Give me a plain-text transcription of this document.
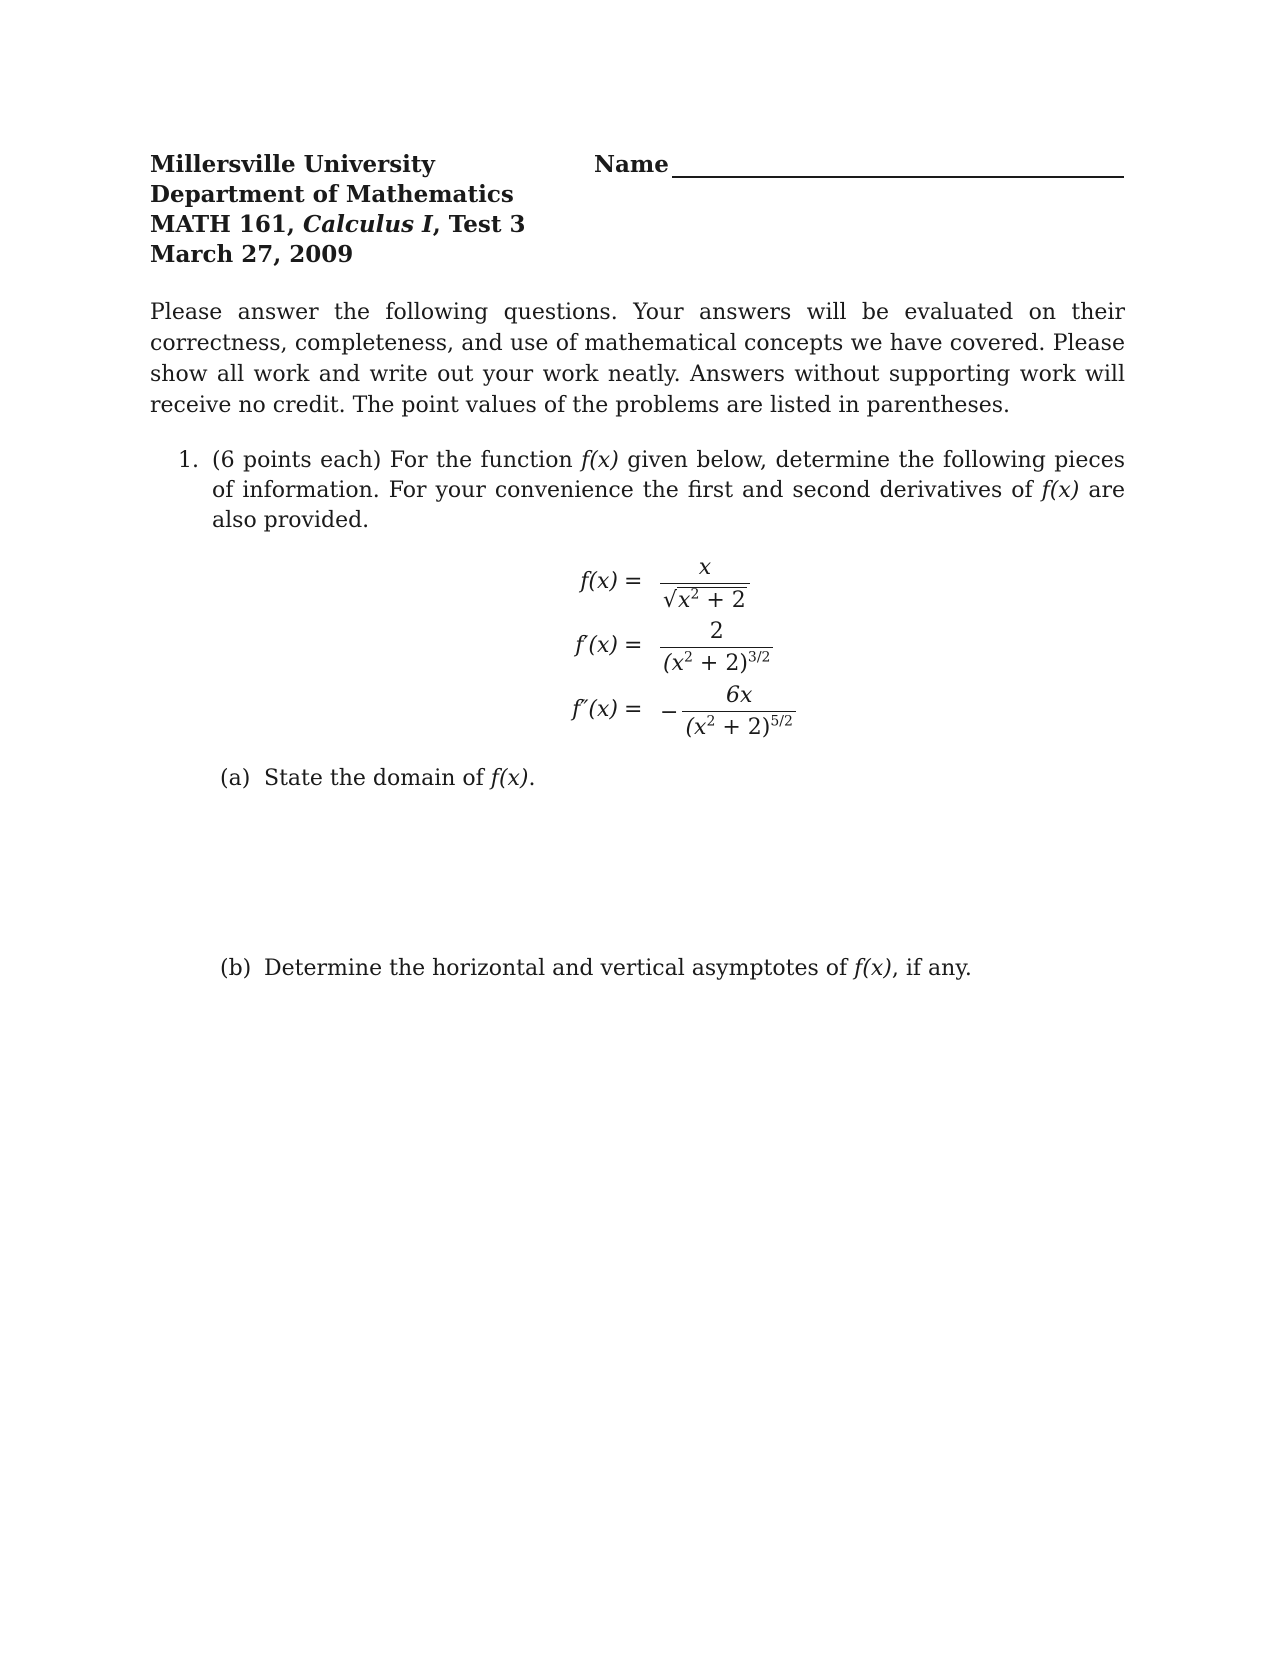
Millersville University
Department of Mathematics
MATH 161, Calculus I, Test 3
March 27, 2009
Name
Please answer the following questions. Your answers will be evaluated on their correctness, completeness, and use of mathematical concepts we have covered. Please show all work and write out your work neatly. Answers without supporting work will receive no credit. The point values of the problems are listed in parentheses.
1. (6 points each) For the function f(x) given below, determine the following pieces of information. For your convenience the first and second derivatives of f(x) are also provided.
$f(x) = \frac{x}{√x^2 + 2}$
$f'(x) = \frac{2}{(x^2 + 2)^{3/2}}$
f″(x) = − $\frac{6x}{(x^2 + 2)^{5/2}}$
(a) State the domain of f(x).
(b) Determine the horizontal and vertical asymptotes of f(x), if any.
